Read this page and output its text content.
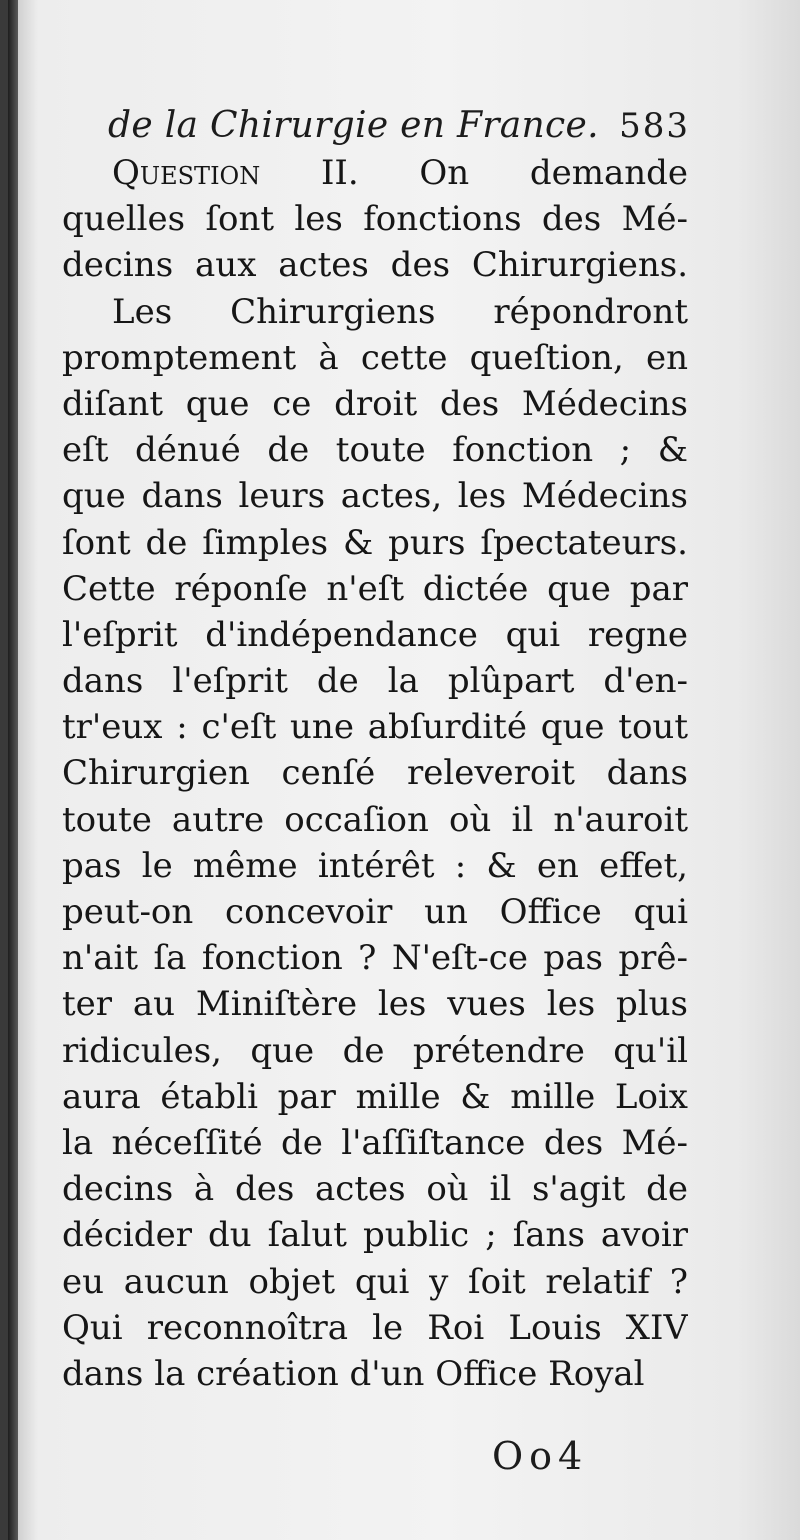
de la Chirurgie en France. 583
Question II. On demande
quelles ſont les fonctions des Mé-
decins aux actes des Chirurgiens.
Les Chirurgiens répondront
promptement à cette queſtion, en
diſant que ce droit des Médecins
eſt dénué de toute fonction ; &
que dans leurs actes, les Médecins
ſont de ſimples & purs ſpectateurs.
Cette réponſe n'eſt dictée que par
l'eſprit d'indépendance qui regne
dans l'eſprit de la plûpart d'en-
tr'eux : c'eſt une abſurdité que tout
Chirurgien cenſé releveroit dans
toute autre occaſion où il n'auroit
pas le même intérêt : & en effet,
peut-on concevoir un Office qui
n'ait ſa fonction ? N'eſt-ce pas prê-
ter au Miniſtère les vues les plus
ridicules, que de prétendre qu'il
aura établi par mille & mille Loix
la néceſſité de l'aſſiſtance des Mé-
decins à des actes où il s'agit de
décider du ſalut public ; ſans avoir
eu aucun objet qui y ſoit relatif ?
Qui reconnoîtra le Roi Louis XIV
dans la création d'un Office Royal
Oo4
